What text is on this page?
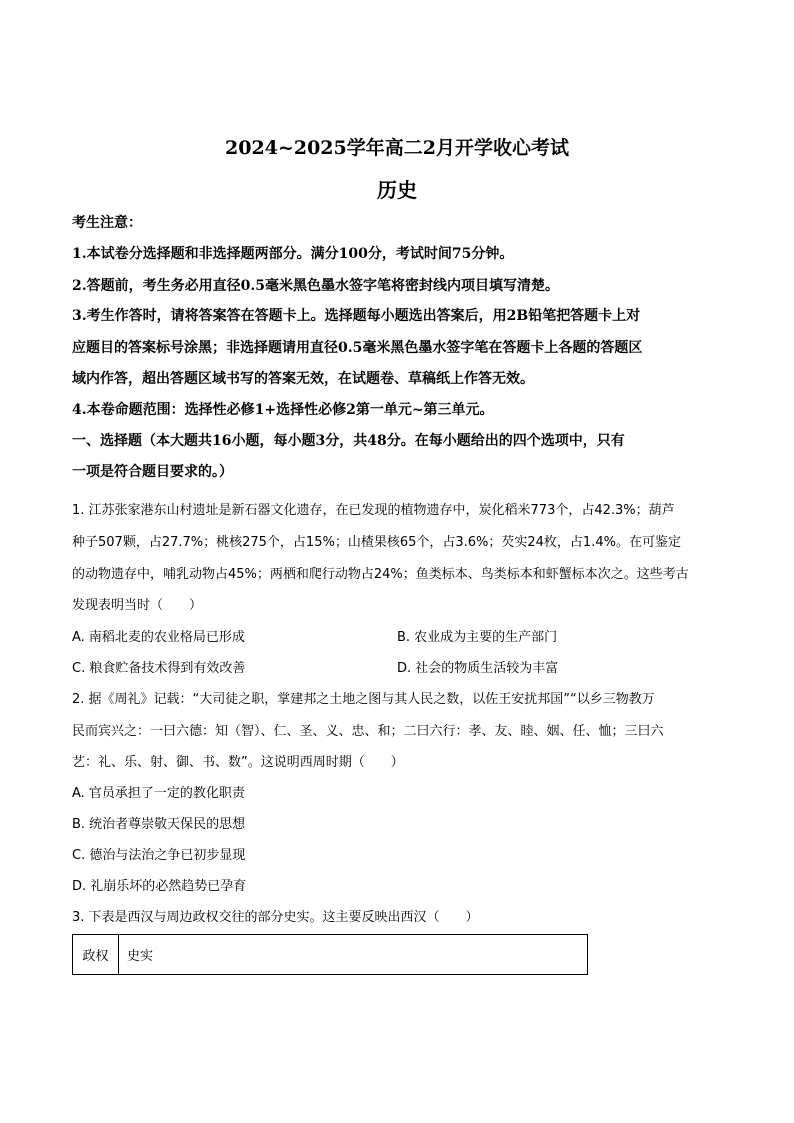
2024~2025学年高二2月开学收心考试
历史
考生注意：
1.本试卷分选择题和非选择题两部分。满分100分，考试时间75分钟。
2.答题前，考生务必用直径0.5毫米黑色墨水签字笔将密封线内项目填写清楚。
3.考生作答时，请将答案答在答题卡上。选择题每小题选出答案后，用2B铅笔把答题卡上对
应题目的答案标号涂黑；非选择题请用直径0.5毫米黑色墨水签字笔在答题卡上各题的答题区
域内作答，超出答题区域书写的答案无效，在试题卷、草稿纸上作答无效。
4.本卷命题范围：选择性必修1+选择性必修2第一单元~第三单元。
一、选择题（本大题共16小题，每小题3分，共48分。在每小题给出的四个选项中，只有
一项是符合题目要求的。）
1. 江苏张家港东山村遗址是新石器文化遗存，在已发现的植物遗存中，炭化稻米773个，占42.3%；葫芦
种子507颗，占27.7%；桃核275个，占15%；山楂果核65个，占3.6%；芡实24枚，占1.4%。在可鉴定
的动物遗存中，哺乳动物占45%；两栖和爬行动物占24%；鱼类标本、鸟类标本和虾蟹标本次之。这些考古
发现表明当时（　　）
A. 南稻北麦的农业格局已形成	B. 农业成为主要的生产部门
C. 粮食贮备技术得到有效改善	D. 社会的物质生活较为丰富
2. 据《周礼》记载：“大司徒之职，掌建邦之土地之图与其人民之数，以佐王安扰邦国”“以乡三物教万
民而宾兴之：一曰六德：知（智）、仁、圣、义、忠、和；二曰六行：孝、友、睦、姻、任、恤；三曰六
艺：礼、乐、射、御、书、数”。这说明西周时期（　　）
A. 官员承担了一定的教化职责
B. 统治者尊崇敬天保民的思想
C. 德治与法治之争已初步显现
D. 礼崩乐坏的必然趋势已孕育
3. 下表是西汉与周边政权交往的部分史实。这主要反映出西汉（　　）
政权	史实
